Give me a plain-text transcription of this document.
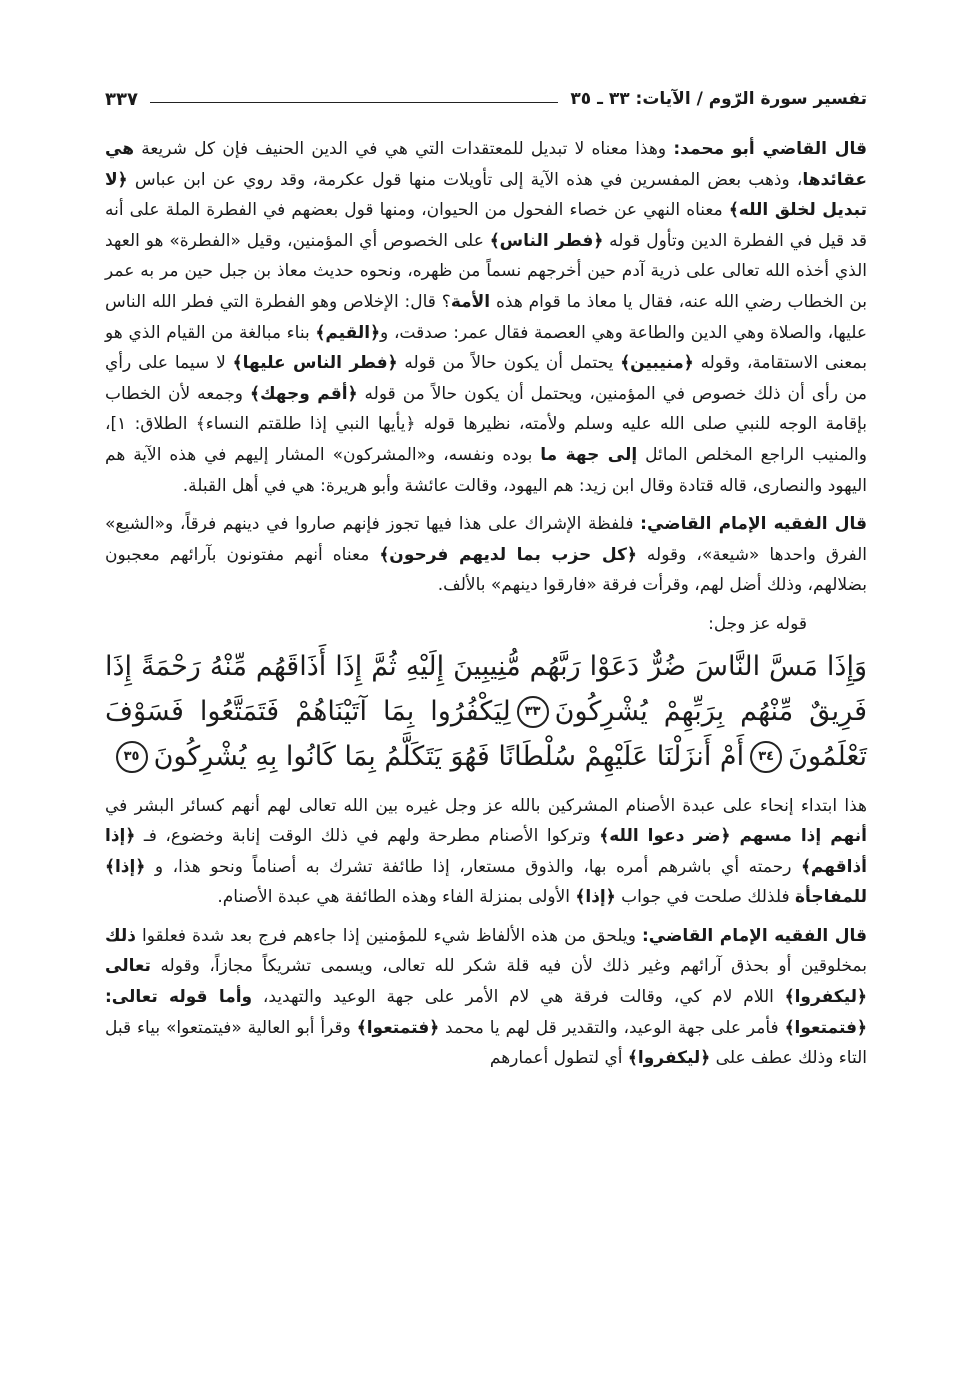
تفسير سورة الرّوم / الآيات: ٣٣ ـ ٣٥
٣٣٧

قال القاضي أبو محمد: وهذا معناه لا تبديل للمعتقدات التي هي في الدين الحنيف فإن كل شريعة هي عقائدها، وذهب بعض المفسرين في هذه الآية إلى تأويلات منها قول عكرمة، وقد روي عن ابن عباس ﴿لا تبديل لخلق الله﴾ معناه النهي عن خصاء الفحول من الحيوان، ومنها قول بعضهم في الفطرة الملة على أنه قد قيل في الفطرة الدين وتأول قوله ﴿فطر الناس﴾ على الخصوص أي المؤمنين، وقيل «الفطرة» هو العهد الذي أخذه الله تعالى على ذرية آدم حين أخرجهم نسماً من ظهره، ونحوه حديث معاذ بن جبل حين مر به عمر بن الخطاب رضي الله عنه، فقال يا معاذ ما قوام هذه الأمة؟ قال: الإخلاص وهو الفطرة التي فطر الله الناس عليها، والصلاة وهي الدين والطاعة وهي العصمة فقال عمر: صدقت، و﴿القيم﴾ بناء مبالغة من القيام الذي هو بمعنى الاستقامة، وقوله ﴿منيبين﴾ يحتمل أن يكون حالاً من قوله ﴿فطر الناس عليها﴾ لا سيما على رأي من رأى أن ذلك خصوص في المؤمنين، ويحتمل أن يكون حالاً من قوله ﴿أقم وجهك﴾ وجمعه لأن الخطاب بإقامة الوجه للنبي صلى الله عليه وسلم ولأمته، نظيرها قوله ﴿يأيها النبي إذا طلقتم النساء﴾ الطلاق: ١]، والمنيب الراجع المخلص المائل إلى جهة ما بوده ونفسه، و«المشركون» المشار إليهم في هذه الآية هم اليهود والنصارى، قاله قتادة وقال ابن زيد: هم اليهود، وقالت عائشة وأبو هريرة: هي في أهل القبلة.

قال الفقيه الإمام القاضي: فلفظة الإشراك على هذا فيها تجوز فإنهم صاروا في دينهم فرقاً، و«الشيع» الفرق واحدها «شيعة»، وقوله ﴿كل حزب بما لديهم فرحون﴾ معناه أنهم مفتونون بآرائهم معجبون بضلالهم، وذلك أضل لهم، وقرأت فرقة «فارقوا دينهم» بالألف.

قوله عز وجل:

وَإِذَا مَسَّ النَّاسَ ضُرٌّ دَعَوْا رَبَّهُم مُّنِيبِينَ إِلَيْهِ ثُمَّ إِذَا أَذَاقَهُم مِّنْهُ رَحْمَةً إِذَا فَرِيقٌ مِّنْهُم بِرَبِّهِمْ يُشْرِكُونَ٣٣لِيَكْفُرُوا بِمَا آتَيْنَاهُمْ فَتَمَتَّعُوا فَسَوْفَ تَعْلَمُونَ٣٤أَمْ أَنزَلْنَا عَلَيْهِمْ سُلْطَانًا فَهُوَ يَتَكَلَّمُ بِمَا كَانُوا بِهِ يُشْرِكُونَ٣٥

هذا ابتداء إنحاء على عبدة الأصنام المشركين بالله عز وجل غيره بين الله تعالى لهم أنهم كسائر البشر في أنهم إذا مسهم ﴿ضر دعوا الله﴾ وتركوا الأصنام مطرحة ولهم في ذلك الوقت إنابة وخضوع، فـ ﴿إذا أذاقهم﴾ رحمته أي باشرهم أمره بها، والذوق مستعار، إذا طائفة تشرك به أصناماً ونحو هذا، و ﴿إذا﴾ للمفاجأة فلذلك صلحت في جواب ﴿إذا﴾ الأولى بمنزلة الفاء وهذه الطائفة هي عبدة الأصنام.

قال الفقيه الإمام القاضي: ويلحق من هذه الألفاظ شيء للمؤمنين إذا جاءهم فرج بعد شدة فعلقوا ذلك بمخلوقين أو بحذق آرائهم وغير ذلك لأن فيه قلة شكر لله تعالى، ويسمى تشريكاً مجازاً، وقوله تعالى ﴿ليكفروا﴾ اللام لام كي، وقالت فرقة هي لام الأمر على جهة الوعيد والتهديد، وأما قوله تعالى: ﴿فتمتعوا﴾ فأمر على جهة الوعيد، والتقدير قل لهم يا محمد ﴿فتمتعوا﴾ وقرأ أبو العالية «فيتمتعوا» بياء قبل التاء وذلك عطف على ﴿ليكفروا﴾ أي لتطول أعمارهم
